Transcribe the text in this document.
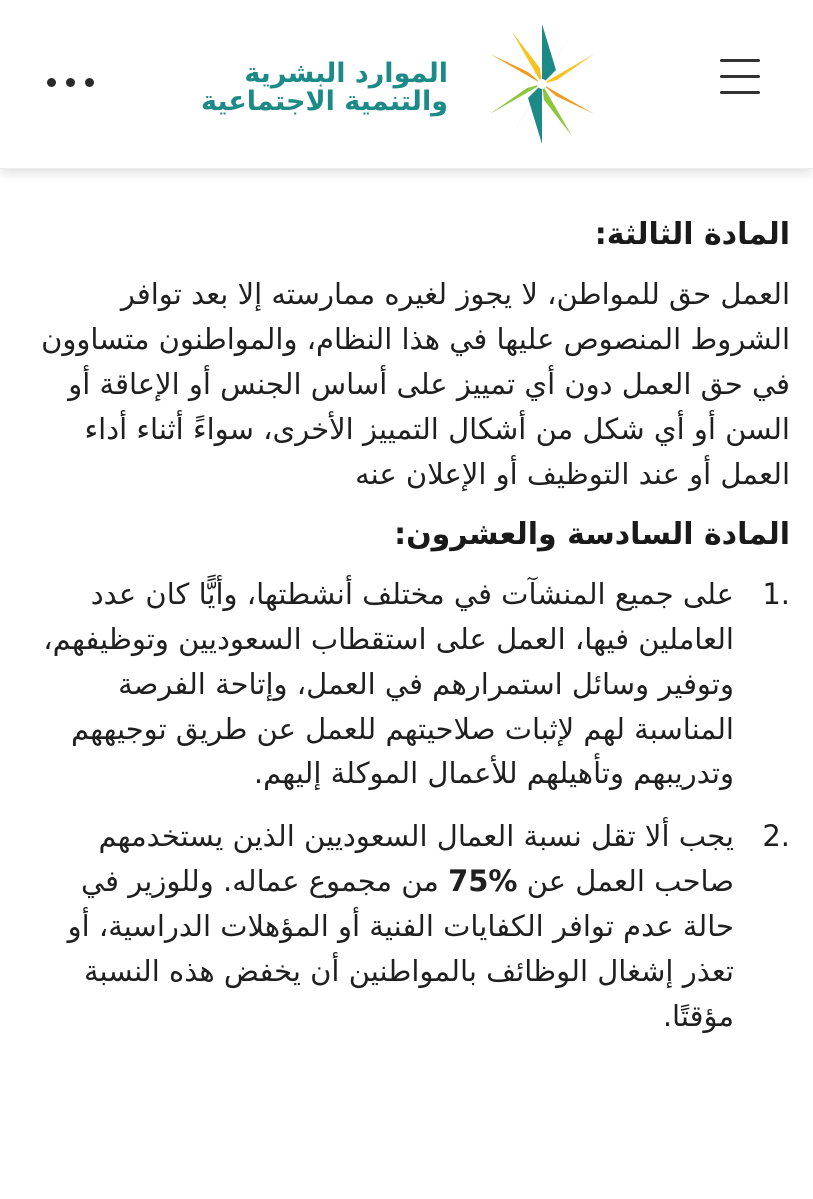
الموارد البشرية
والتنمية الاجتماعية
المادة الثالثة:

العمل حق للمواطن، لا يجوز لغيره ممارسته إلا بعد توافر الشروط المنصوص عليها في هذا النظام، والمواطنون متساوون في حق العمل دون أي تمييز على أساس الجنس أو الإعاقة أو السن أو أي شكل من أشكال التمييز الأخرى، سواءً أثناء أداء العمل أو عند التوظيف أو الإعلان عنه

المادة السادسة والعشرون:
1.
على جميع المنشآت في مختلف أنشطتها، وأيًّا كان عدد العاملين فيها، العمل على استقطاب السعوديين وتوظيفهم، وتوفير وسائل استمرارهم في العمل، وإتاحة الفرصة المناسبة لهم لإثبات صلاحيتهم للعمل عن طريق توجيههم وتدريبهم وتأهيلهم للأعمال الموكلة إليهم.
2.
يجب ألا تقل نسبة العمال السعوديين الذين يستخدمهم صاحب العمل عن 75% من مجموع عماله. وللوزير في حالة عدم توافر الكفايات الفنية أو المؤهلات الدراسية، أو تعذر إشغال الوظائف بالمواطنين أن يخفض هذه النسبة مؤقتًا.
